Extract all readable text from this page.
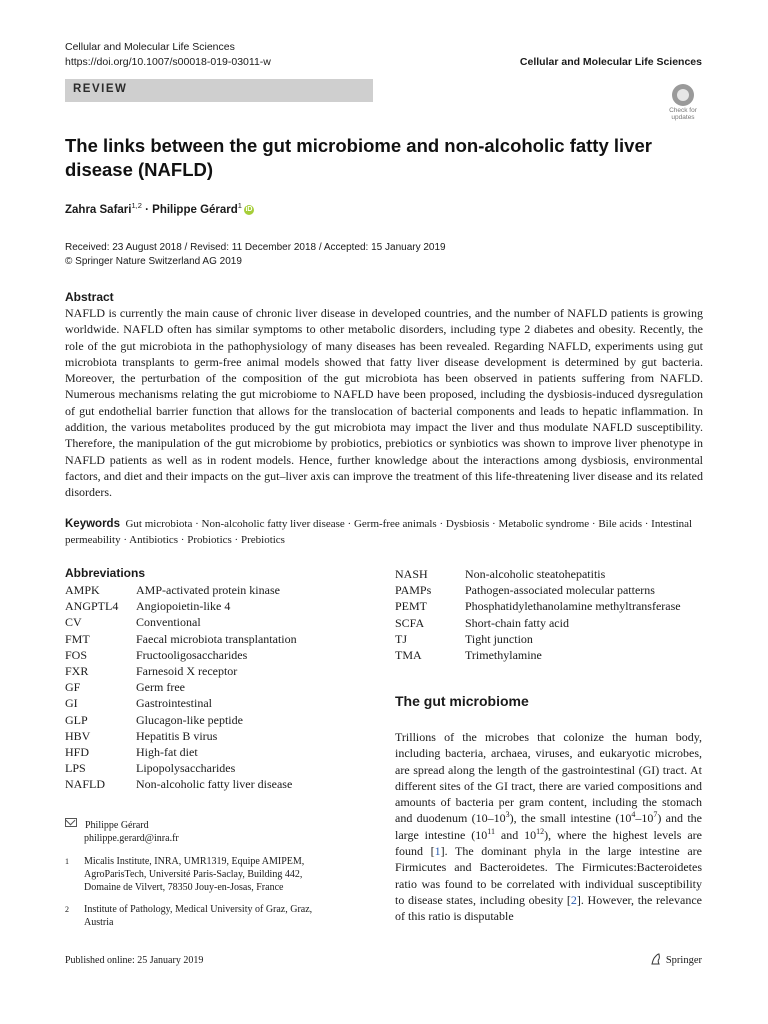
Cellular and Molecular Life Sciences
https://doi.org/10.1007/s00018-019-03011-w	Cellular and Molecular Life Sciences
REVIEW
Check for
updates
The links between the gut microbiome and non-alcoholic fatty liver disease (NAFLD)
Zahra Safari$^{1,2}$ · Philippe Gérard$^1$ iD
Received: 23 August 2018 / Revised: 11 December 2018 / Accepted: 15 January 2019
© Springer Nature Switzerland AG 2019
Abstract
NAFLD is currently the main cause of chronic liver disease in developed countries, and the number of NAFLD patients is growing worldwide. NAFLD often has similar symptoms to other metabolic disorders, including type 2 diabetes and obesity. Recently, the role of the gut microbiota in the pathophysiology of many diseases has been revealed. Regarding NAFLD, experiments using gut microbiota transplants to germ-free animal models showed that fatty liver disease development is determined by gut bacteria. Moreover, the perturbation of the composition of the gut microbiota has been observed in patients suffering from NAFLD. Numerous mechanisms relating the gut microbiome to NAFLD have been proposed, including the dysbiosis-induced dysregulation of gut endothelial barrier function that allows for the translocation of bacterial components and leads to hepatic inflammation. In addition, the various metabolites produced by the gut microbiota may impact the liver and thus modulate NAFLD susceptibility. Therefore, the manipulation of the gut microbiome by probiotics, prebiotics or synbiotics was shown to improve liver phenotype in NAFLD patients as well as in rodent models. Hence, further knowledge about the interactions among dysbiosis, environmental factors, and diet and their impacts on the gut–liver axis can improve the treatment of this life-threatening liver disease and its related disorders.
Keywords Gut microbiota · Non-alcoholic fatty liver disease · Germ-free animals · Dysbiosis · Metabolic syndrome · Bile acids · Intestinal permeability · Antibiotics · Probiotics · Prebiotics
Abbreviations
AMPK	AMP-activated protein kinase
ANGPTL4	Angiopoietin-like 4
CV	Conventional
FMT	Faecal microbiota transplantation
FOS	Fructooligosaccharides
FXR	Farnesoid X receptor
GF	Germ free
GI	Gastrointestinal
GLP	Glucagon-like peptide
HBV	Hepatitis B virus
HFD	High-fat diet
LPS	Lipopolysaccharides
NAFLD	Non-alcoholic fatty liver disease
NASH	Non-alcoholic steatohepatitis
PAMPs	Pathogen-associated molecular patterns
PEMT	Phosphatidylethanolamine methyltransferase
SCFA	Short-chain fatty acid
TJ	Tight junction
TMA	Trimethylamine
The gut microbiome
Trillions of the microbes that colonize the human body, including bacteria, archaea, viruses, and eukaryotic microbes, are spread along the length of the gastrointestinal (GI) tract. At different sites of the GI tract, there are varied compositions and amounts of bacteria per gram content, including the stomach and duodenum $(10-10^3)$, the small intestine $(10^4-10^7)$ and the large intestine ($10^{11}$ and $10^{12}$), where the highest levels are found [1]. The dominant phyla in the large intestine are Firmicutes and Bacteroidetes. The Firmicutes:Bacteroidetes ratio was found to be correlated with individual susceptibility to disease states, including obesity [2]. However, the relevance of this ratio is disputable
Philippe Gérard
philippe.gerard@inra.fr
1 Micalis Institute, INRA, UMR1319, Equipe AMIPEM,
AgroParisTech, Université Paris-Saclay, Building 442,
Domaine de Vilvert, 78350 Jouy-en-Josas, France
2 Institute of Pathology, Medical University of Graz, Graz,
Austria
Published online: 25 January 2019	Springer
